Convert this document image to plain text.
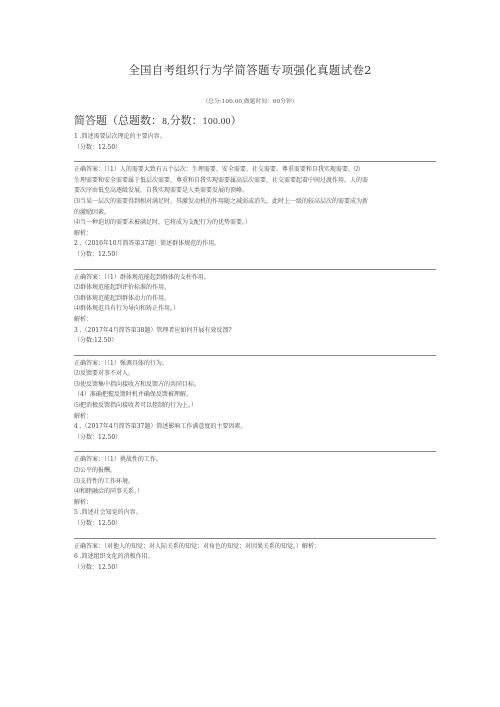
全国自考组织行为学简答题专项强化真题试卷2
（总分:100.00,做题时间：60分钟）
简答题（总题数：8,分数：100.00）
1 .简述需要层次理论的主要内容。
（分数：12.50）
正确答案：（（1）人的需要大致有五个层次：生理需要、安全需要、社交需要、尊重需要和自我实现需要。⑵
生理需要和安全需要属于低层次需要，尊重和自我实现需要属高层次需要，社交需要起着中间过渡作用。人的需
要次序由低至高逐级发展，自我实现需要是人类需要发展的顶峰。
⑶当某一层次的需要得到相对满足时，其激发动机的作用随之减弱或消失，此时上一级的较高层次的需要成为新
的激励因素。
⑷当一种迫切的需要未被满足时，它将成为支配行为的优势需要。）
解析：
2 .（2016年10月简答第37题）简述群体规范的作用。
（分数：12.50）
正确答案：（（1）群体规范能起到群体的支柱作用。
⑵群体规范能起到评价标准的作用。
⑶群体规范能起到群体动力的作用。
⑷群体规范具有行为导向和矫正作用。）
解析：
3 .（2017年4月简答第38题）管理者应如何开展有效反馈?
（分数:12.50）
正确答案：（（1）强调具体的行为。
⑵反馈要对事不对人。
⑶使反馈集中指向接收方和反馈方的共同目标。
（4）准确把握反馈时机并确保反馈被理解。
⑸把消极反馈指向接收者可以控制的行为上。）
解析：
4 .（2017年4月简答第37题）简述影响工作满意度的主要因素。
（分数：12.50）
正确答案：（（1）挑战性的工作。
⑵公平的报酬。
⑶支持性的工作环境。
⑷和睦融洽的同事关系。）
解析：
5 .简述社会知觉的内容。
（分数：12.50）
正确答案：（对他人的知觉；对人际关系的知觉；对角色的知觉；对因果关系的知觉。）解析：
6 .简述组织文化的消极作用。
（分数：12.50）
